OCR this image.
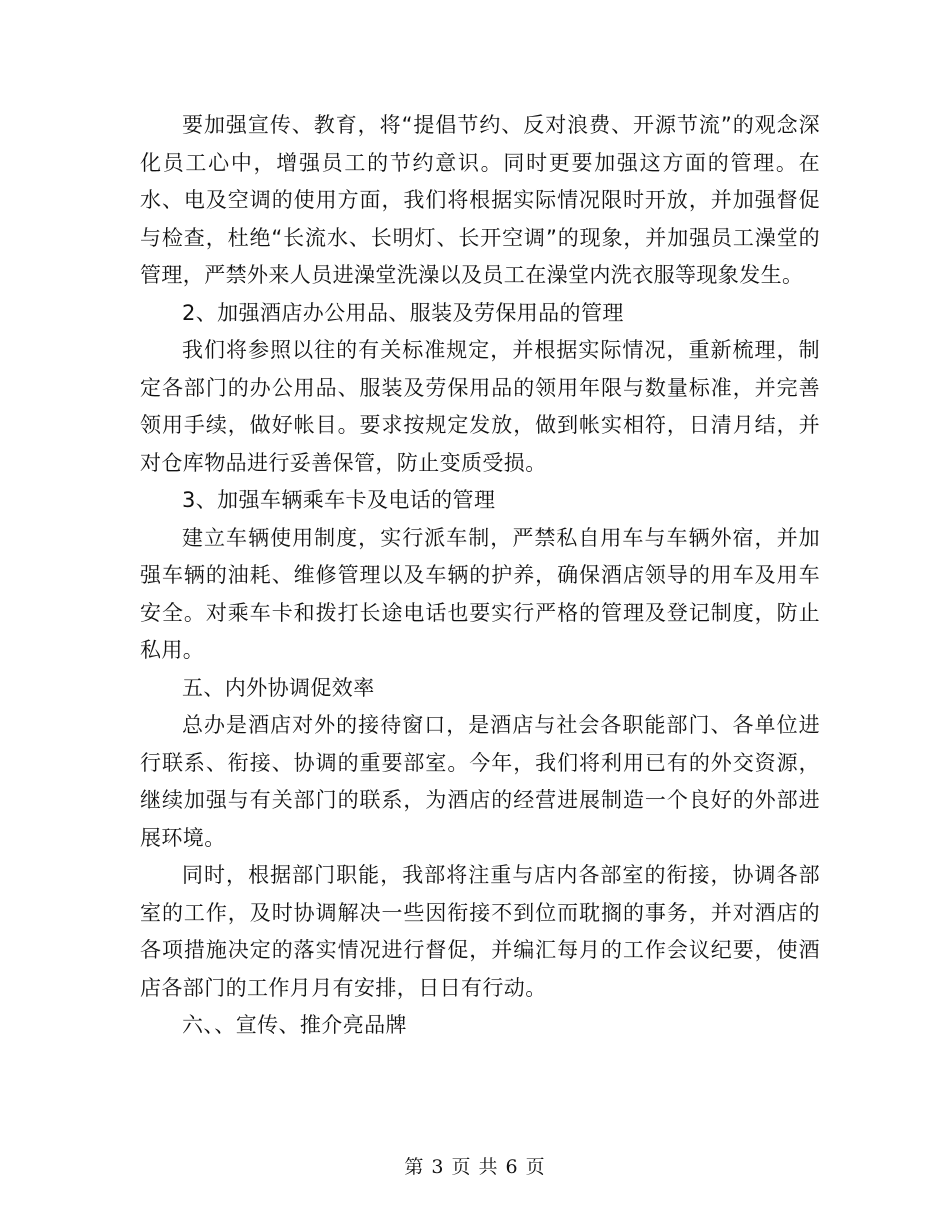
要加强宣传、教育，将“提倡节约、反对浪费、开源节流”的观念深化员工心中，增强员工的节约意识。同时更要加强这方面的管理。在水、电及空调的使用方面，我们将根据实际情况限时开放，并加强督促与检查，杜绝“长流水、长明灯、长开空调”的现象，并加强员工澡堂的管理，严禁外来人员进澡堂洗澡以及员工在澡堂内洗衣服等现象发生。

2、加强酒店办公用品、服装及劳保用品的管理

我们将参照以往的有关标准规定，并根据实际情况，重新梳理，制定各部门的办公用品、服装及劳保用品的领用年限与数量标准，并完善领用手续，做好帐目。要求按规定发放，做到帐实相符，日清月结，并对仓库物品进行妥善保管，防止变质受损。

3、加强车辆乘车卡及电话的管理

建立车辆使用制度，实行派车制，严禁私自用车与车辆外宿，并加强车辆的油耗、维修管理以及车辆的护养，确保酒店领导的用车及用车安全。对乘车卡和拨打长途电话也要实行严格的管理及登记制度，防止私用。

五、内外协调促效率

总办是酒店对外的接待窗口，是酒店与社会各职能部门、各单位进行联系、衔接、协调的重要部室。今年，我们将利用已有的外交资源，继续加强与有关部门的联系，为酒店的经营进展制造一个良好的外部进展环境。

同时，根据部门职能，我部将注重与店内各部室的衔接，协调各部室的工作，及时协调解决一些因衔接不到位而耽搁的事务，并对酒店的各项措施决定的落实情况进行督促，并编汇每月的工作会议纪要，使酒店各部门的工作月月有安排，日日有行动。

六、、宣传、推介亮品牌

第 3 页 共 6 页
